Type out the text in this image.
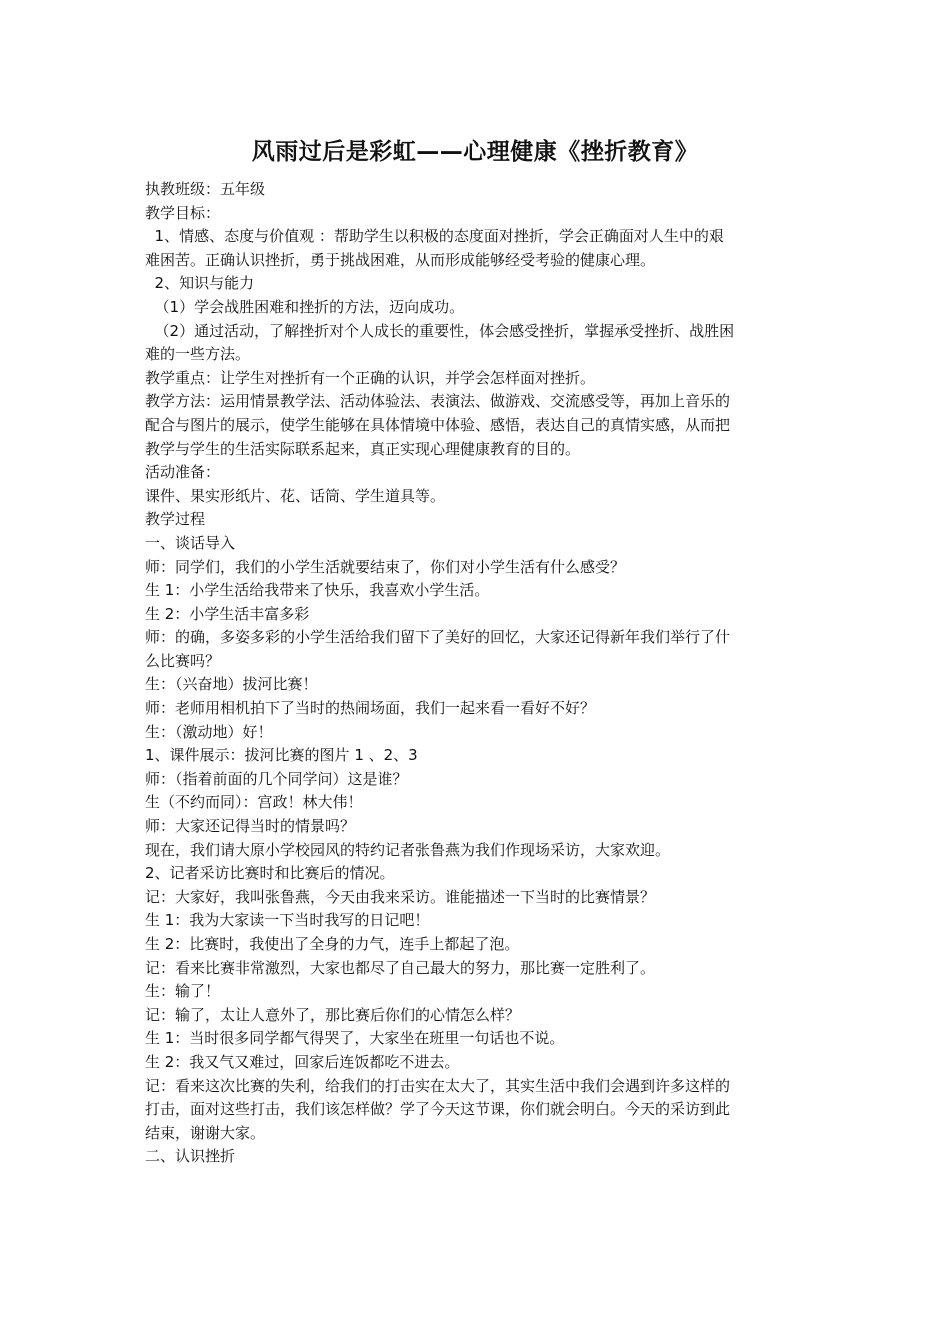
风雨过后是彩虹——心理健康《挫折教育》
执教班级：五年级
教学目标：
1、情感、态度与价值观 ：帮助学生以积极的态度面对挫折，学会正确面对人生中的艰
难困苦。正确认识挫折，勇于挑战困难，从而形成能够经受考验的健康心理。
2、知识与能力
（1）学会战胜困难和挫折的方法，迈向成功。
（2）通过活动，了解挫折对个人成长的重要性，体会感受挫折，掌握承受挫折、战胜困
难的一些方法。
教学重点：让学生对挫折有一个正确的认识，并学会怎样面对挫折。
教学方法：运用情景教学法、活动体验法、表演法、做游戏、交流感受等，再加上音乐的
配合与图片的展示，使学生能够在具体情境中体验、感悟，表达自己的真情实感，从而把
教学与学生的生活实际联系起来，真正实现心理健康教育的目的。
活动准备：
课件、果实形纸片、花、话筒、学生道具等。
教学过程
一、谈话导入
师：同学们，我们的小学生活就要结束了，你们对小学生活有什么感受？
生 1：小学生活给我带来了快乐，我喜欢小学生活。
生 2：小学生活丰富多彩
师：的确，多姿多彩的小学生活给我们留下了美好的回忆，大家还记得新年我们举行了什
么比赛吗？
生：（兴奋地）拔河比赛！
师：老师用相机拍下了当时的热闹场面，我们一起来看一看好不好？
生：（激动地）好！
1、课件展示：拔河比赛的图片 1 、2、3
师：（指着前面的几个同学问）这是谁？
生（不约而同）：宫政！林大伟！
师：大家还记得当时的情景吗？
现在，我们请大原小学校园风的特约记者张鲁燕为我们作现场采访，大家欢迎。
2、记者采访比赛时和比赛后的情况。
记：大家好，我叫张鲁燕，今天由我来采访。谁能描述一下当时的比赛情景？
生 1：我为大家读一下当时我写的日记吧！
生 2：比赛时，我使出了全身的力气，连手上都起了泡。
记：看来比赛非常激烈，大家也都尽了自己最大的努力，那比赛一定胜利了。
生：输了！
记：输了，太让人意外了，那比赛后你们的心情怎么样？
生 1：当时很多同学都气得哭了，大家坐在班里一句话也不说。
生 2：我又气又难过，回家后连饭都吃不进去。
记：看来这次比赛的失利，给我们的打击实在太大了，其实生活中我们会遇到许多这样的
打击，面对这些打击，我们该怎样做？学了今天这节课，你们就会明白。今天的采访到此
结束，谢谢大家。
二、认识挫折
